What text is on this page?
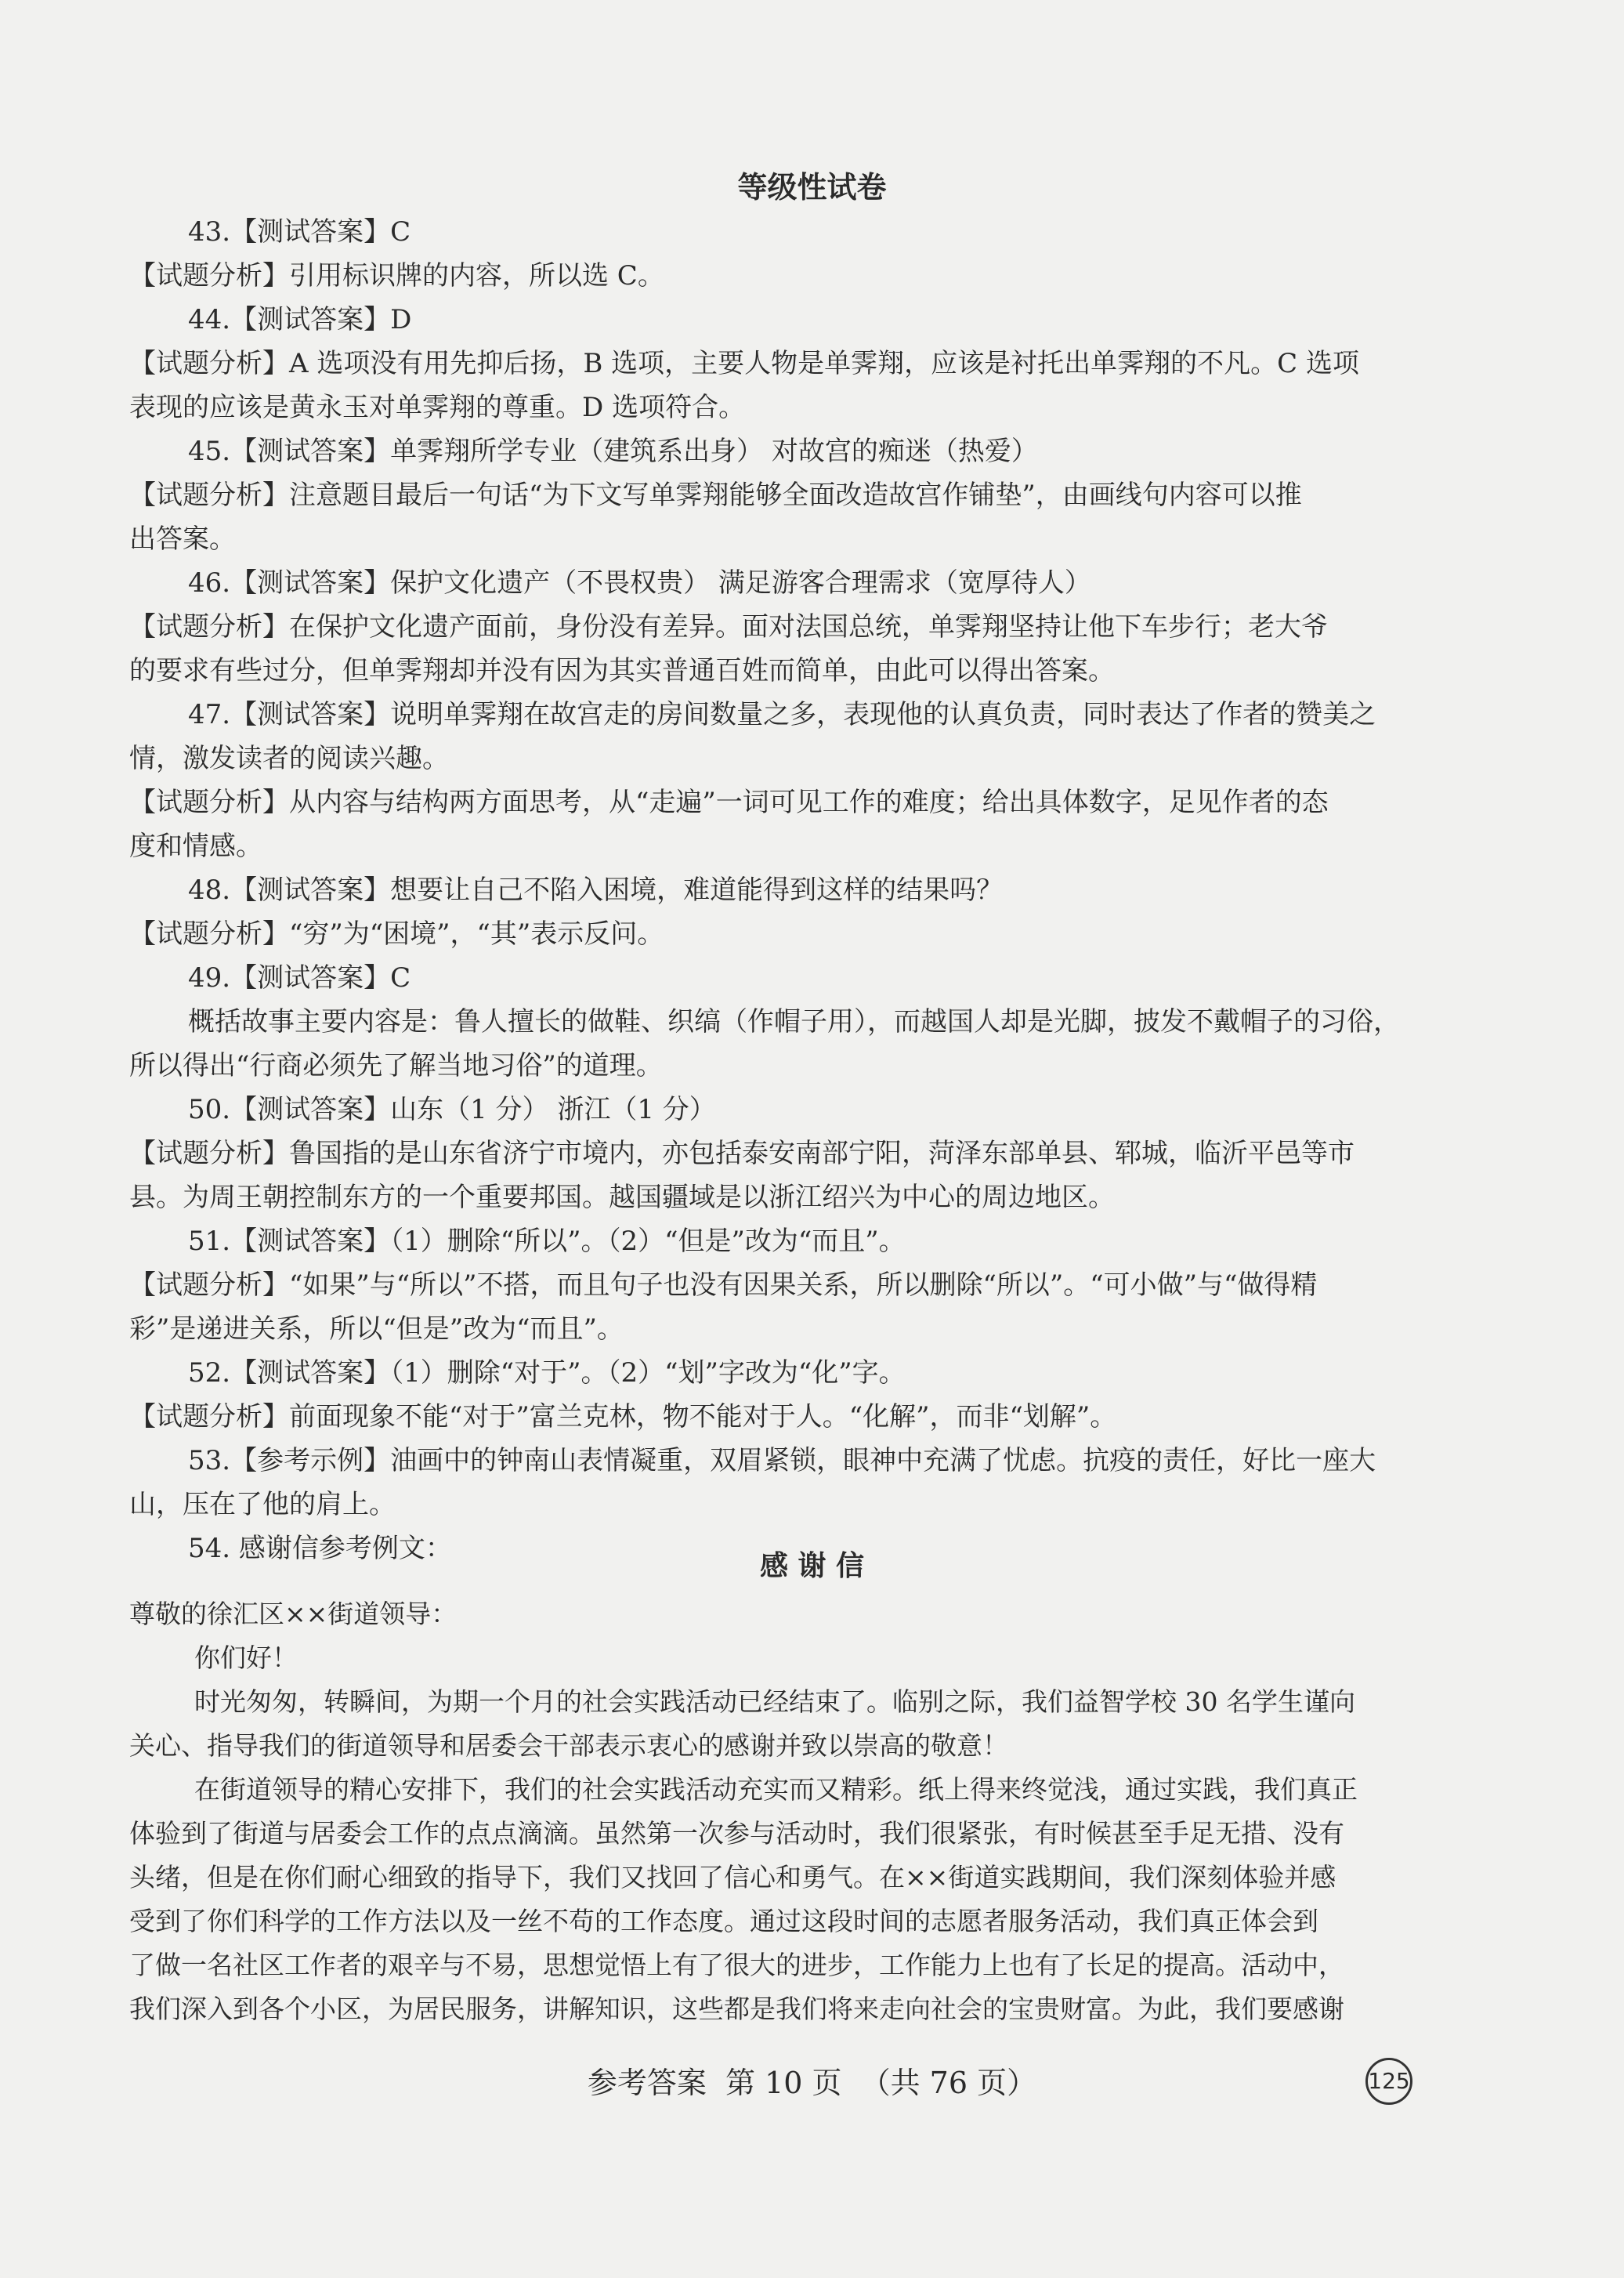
等级性试卷
43.【测试答案】C
【试题分析】引用标识牌的内容，所以选 C。
44.【测试答案】D
【试题分析】A 选项没有用先抑后扬，B 选项，主要人物是单霁翔，应该是衬托出单霁翔的不凡。C 选项
表现的应该是黄永玉对单霁翔的尊重。D 选项符合。
45.【测试答案】单霁翔所学专业（建筑系出身） 对故宫的痴迷（热爱）
【试题分析】注意题目最后一句话“为下文写单霁翔能够全面改造故宫作铺垫”，由画线句内容可以推
出答案。
46.【测试答案】保护文化遗产（不畏权贵） 满足游客合理需求（宽厚待人）
【试题分析】在保护文化遗产面前，身份没有差异。面对法国总统，单霁翔坚持让他下车步行；老大爷
的要求有些过分，但单霁翔却并没有因为其实普通百姓而简单，由此可以得出答案。
47.【测试答案】说明单霁翔在故宫走的房间数量之多，表现他的认真负责，同时表达了作者的赞美之
情，激发读者的阅读兴趣。
【试题分析】从内容与结构两方面思考，从“走遍”一词可见工作的难度；给出具体数字，足见作者的态
度和情感。
48.【测试答案】想要让自己不陷入困境，难道能得到这样的结果吗？
【试题分析】“穷”为“困境”，“其”表示反问。
49.【测试答案】C
概括故事主要内容是：鲁人擅长的做鞋、织缟（作帽子用），而越国人却是光脚，披发不戴帽子的习俗，
所以得出“行商必须先了解当地习俗”的道理。
50.【测试答案】山东（1 分） 浙江（1 分）
【试题分析】鲁国指的是山东省济宁市境内，亦包括泰安南部宁阳，菏泽东部单县、郓城，临沂平邑等市
县。为周王朝控制东方的一个重要邦国。越国疆域是以浙江绍兴为中心的周边地区。
51.【测试答案】（1）删除“所以”。（2）“但是”改为“而且”。
【试题分析】“如果”与“所以”不搭，而且句子也没有因果关系，所以删除“所以”。“可小做”与“做得精
彩”是递进关系，所以“但是”改为“而且”。
52.【测试答案】（1）删除“对于”。（2）“划”字改为“化”字。
【试题分析】前面现象不能“对于”富兰克林，物不能对于人。“化解”，而非“划解”。
53.【参考示例】油画中的钟南山表情凝重，双眉紧锁，眼神中充满了忧虑。抗疫的责任，好比一座大
山，压在了他的肩上。
54. 感谢信参考例文：
感 谢 信
尊敬的徐汇区××街道领导：
你们好！
时光匆匆，转瞬间，为期一个月的社会实践活动已经结束了。临别之际，我们益智学校 30 名学生谨向
关心、指导我们的街道领导和居委会干部表示衷心的感谢并致以崇高的敬意！
在街道领导的精心安排下，我们的社会实践活动充实而又精彩。纸上得来终觉浅，通过实践，我们真正
体验到了街道与居委会工作的点点滴滴。虽然第一次参与活动时，我们很紧张，有时候甚至手足无措、没有
头绪，但是在你们耐心细致的指导下，我们又找回了信心和勇气。在××街道实践期间，我们深刻体验并感
受到了你们科学的工作方法以及一丝不苟的工作态度。通过这段时间的志愿者服务活动，我们真正体会到
了做一名社区工作者的艰辛与不易，思想觉悟上有了很大的进步，工作能力上也有了长足的提高。活动中，
我们深入到各个小区，为居民服务，讲解知识，这些都是我们将来走向社会的宝贵财富。为此，我们要感谢
参考答案 第 10 页 （共 76 页）	125
